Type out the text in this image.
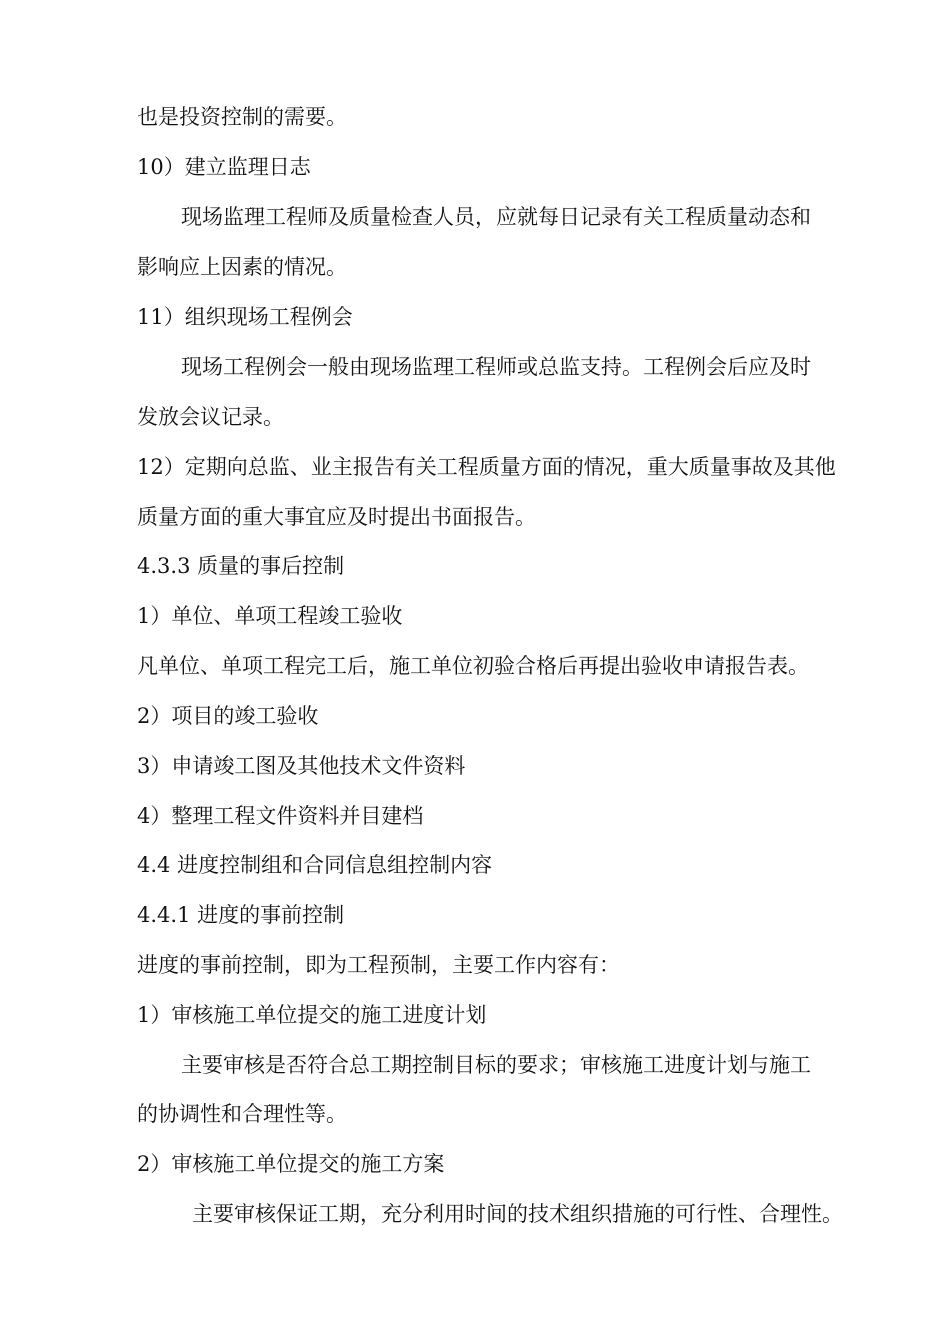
也是投资控制的需要。
10）建立监理日志
现场监理工程师及质量检查人员，应就每日记录有关工程质量动态和
影响应上因素的情况。
11）组织现场工程例会
现场工程例会一般由现场监理工程师或总监支持。工程例会后应及时
发放会议记录。
12）定期向总监、业主报告有关工程质量方面的情况，重大质量事故及其他
质量方面的重大事宜应及时提出书面报告。
4.3.3 质量的事后控制
1）单位、单项工程竣工验收
凡单位、单项工程完工后，施工单位初验合格后再提出验收申请报告表。
2）项目的竣工验收
3）申请竣工图及其他技术文件资料
4）整理工程文件资料并目建档
4.4 进度控制组和合同信息组控制内容
4.4.1 进度的事前控制
进度的事前控制，即为工程预制，主要工作内容有：
1）审核施工单位提交的施工进度计划
主要审核是否符合总工期控制目标的要求；审核施工进度计划与施工
的协调性和合理性等。
2）审核施工单位提交的施工方案
主要审核保证工期，充分利用时间的技术组织措施的可行性、合理性。
